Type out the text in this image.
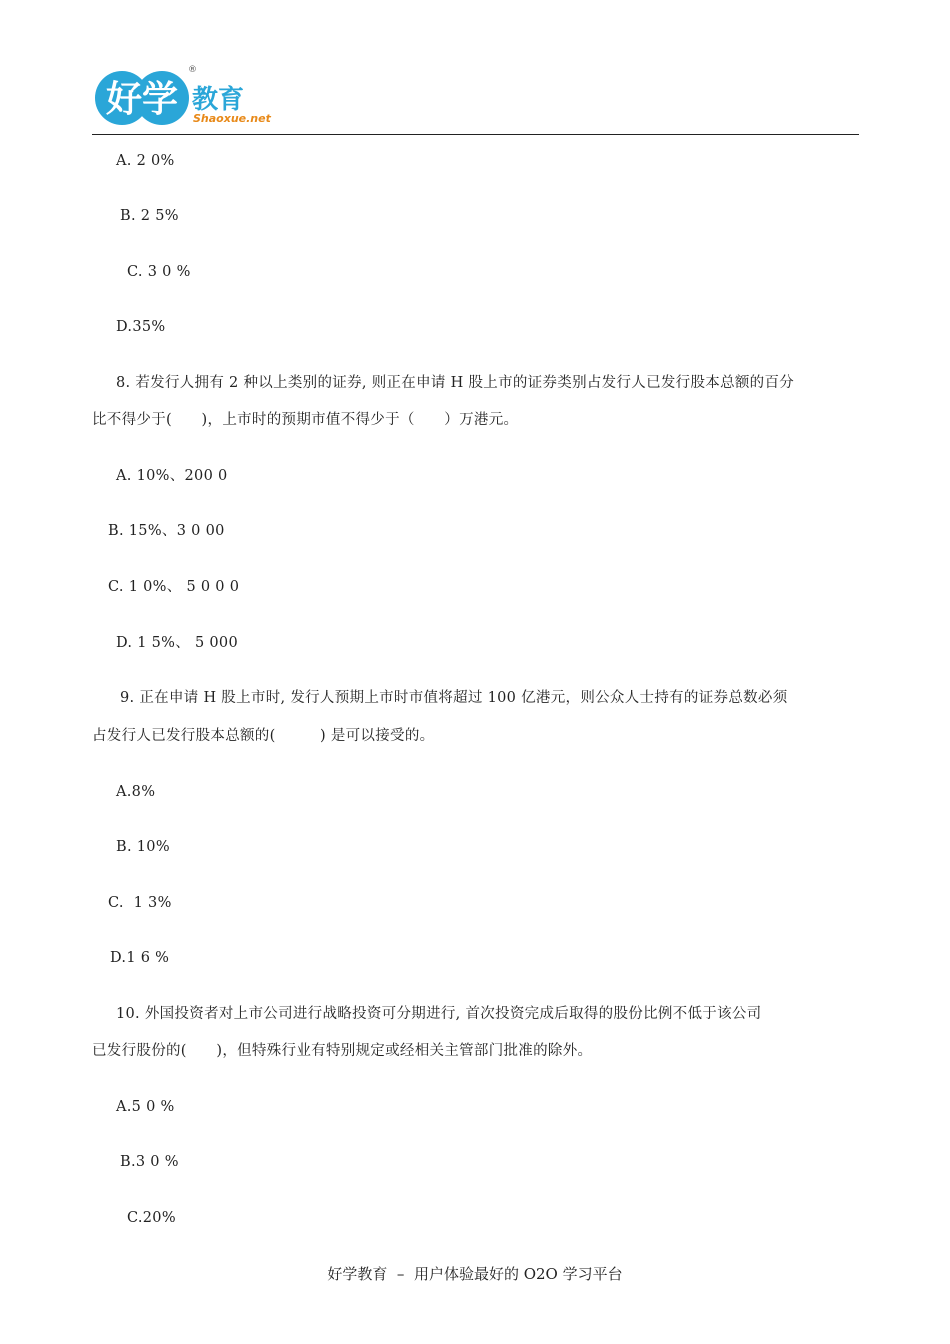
好学
®
教育
Shaoxue.net
A. 2 0%
B. 2 5%
C. 3 0 %
D.35%
8. 若发行人拥有 2 种以上类别的证券, 则正在申请 H 股上市的证券类别占发行人已发行股本总额的百分
比不得少于(　　)，上市时的预期市值不得少于（　　）万港元。
A. 10%、200 0
B. 15%、3 0 00
C. 1 0%、 5 0 0 0
D. 1 5%、 5 000
9. 正在申请 H 股上市时, 发行人预期上市时市值将超过 100 亿港元，则公众人士持有的证券总数必须
占发行人已发行股本总额的(　　　) 是可以接受的。
A.8%
B. 10%
C.  1 3%
D.1 6 %
10. 外国投资者对上市公司进行战略投资可分期进行, 首次投资完成后取得的股份比例不低于该公司
已发行股份的(　　)，但特殊行业有特别规定或经相关主管部门批准的除外。
A.5 0 %
B.3 0 %
C.20%
好学教育  –  用户体验最好的 O2O 学习平台
